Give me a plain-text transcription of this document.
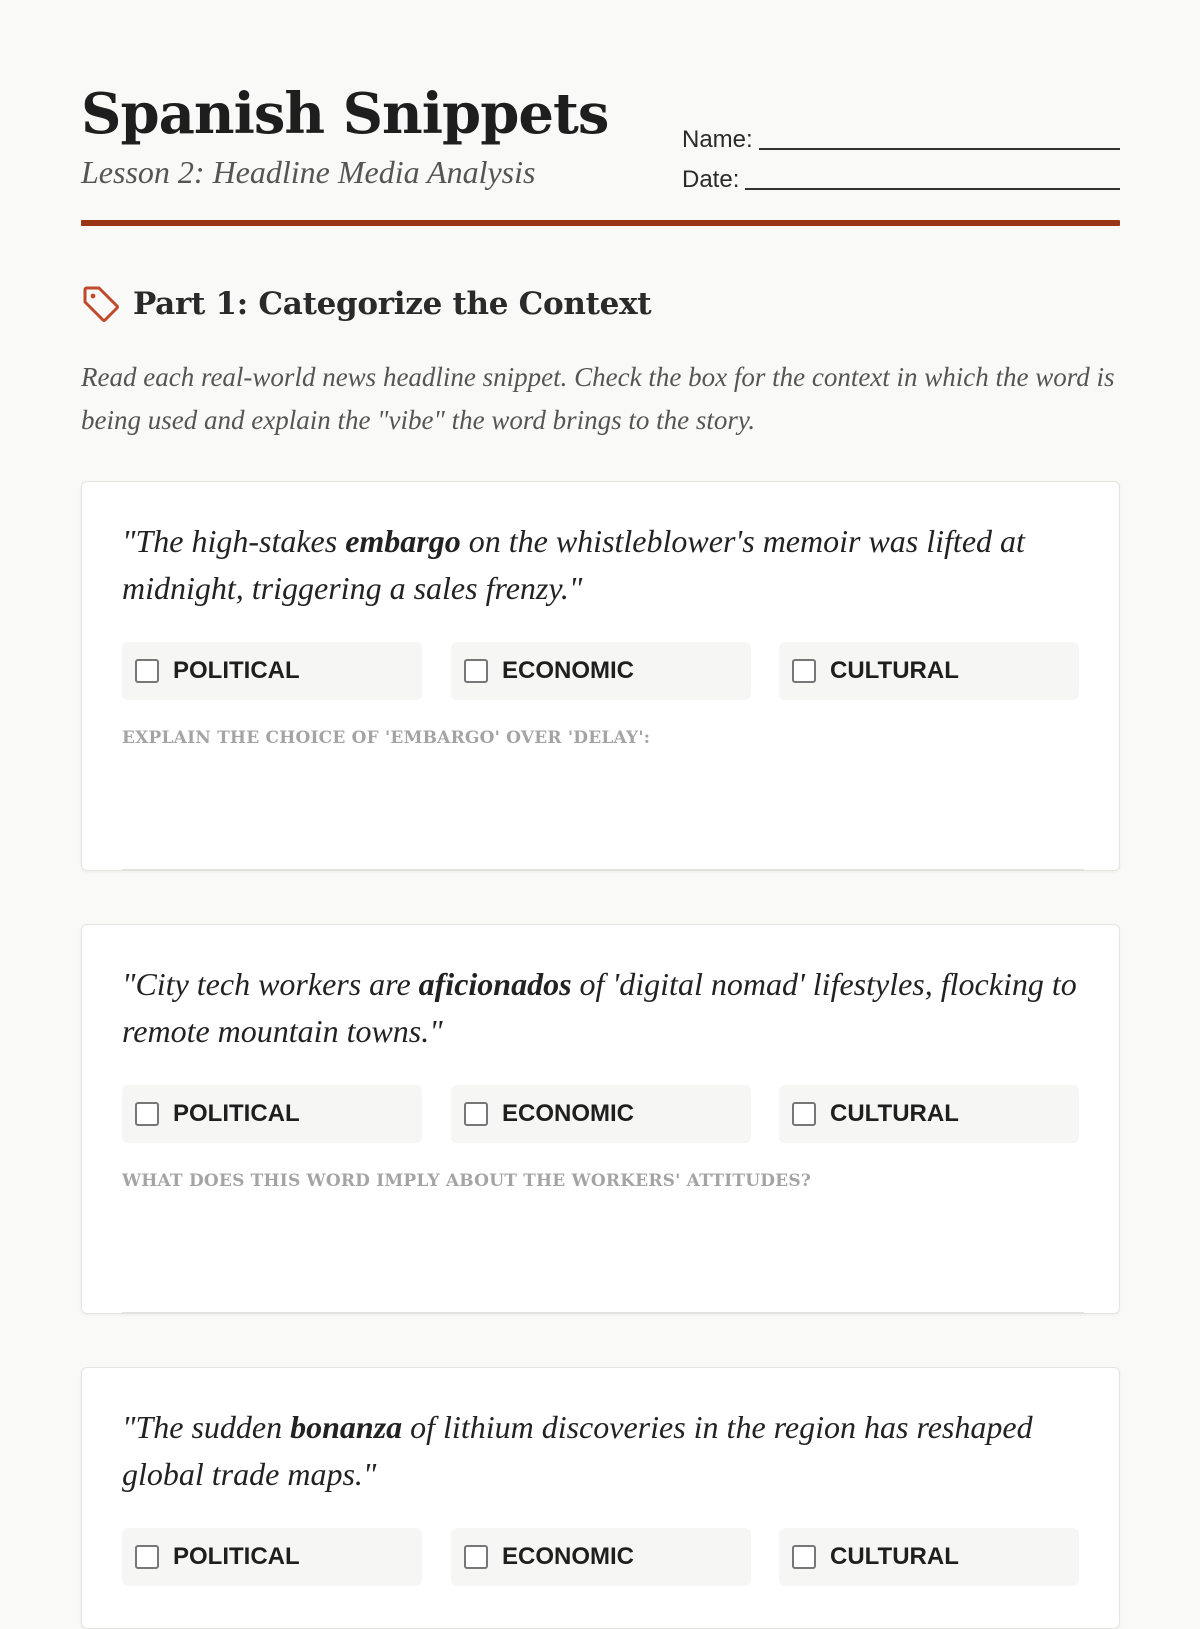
Spanish Snippets
Lesson 2: Headline Media Analysis
Name:
Date:
Part 1: Categorize the Context

Read each real-world news headline snippet. Check the box for the context in which the word is being used and explain the "vibe" the word brings to the story.

"The high-stakes embargo on the whistleblower's memoir was lifted at midnight, triggering a sales frenzy."

POLITICAL	ECONOMIC	CULTURAL

EXPLAIN THE CHOICE OF 'EMBARGO' OVER 'DELAY':

"City tech workers are aficionados of 'digital nomad' lifestyles, flocking to remote mountain towns."

POLITICAL	ECONOMIC	CULTURAL

WHAT DOES THIS WORD IMPLY ABOUT THE WORKERS' ATTITUDES?

"The sudden bonanza of lithium discoveries in the region has reshaped global trade maps."

POLITICAL	ECONOMIC	CULTURAL
